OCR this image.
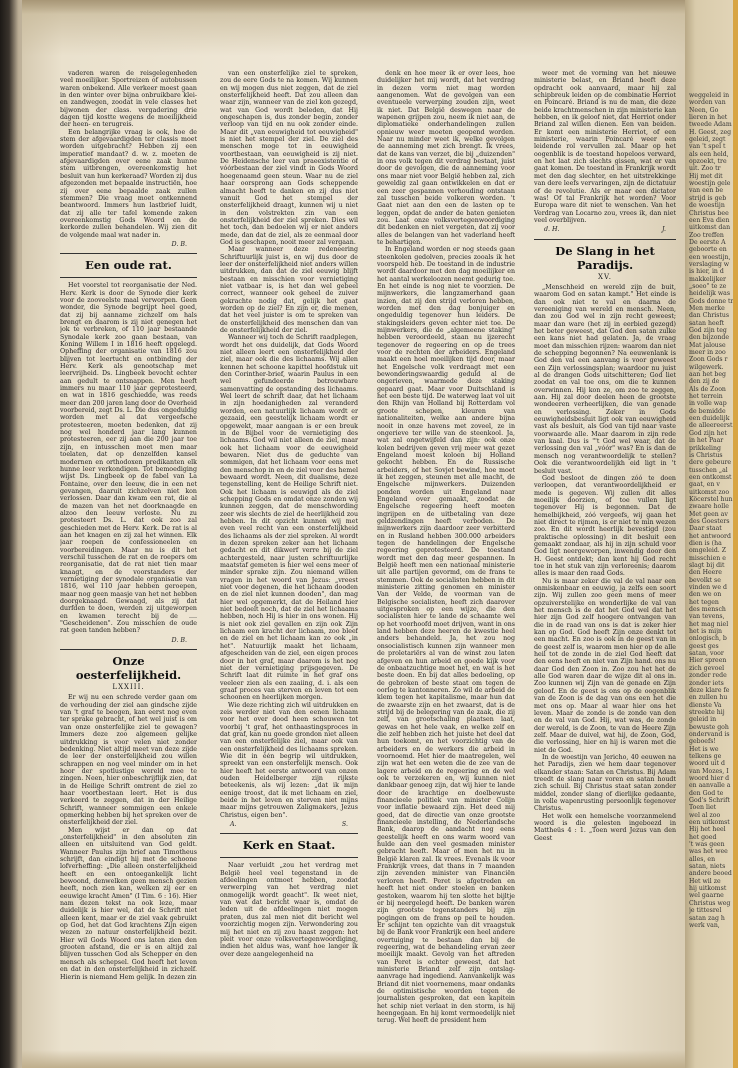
vaderen waren de reisgelegenheden veel moeilijker. Sportreizen of autobussen waren onbekend. Alle verkeer moest gaan in den winter over bijna onbruikbare klei- en zandwegen, zoodat in vele classes het bijwonen der class. vergadering drie dagen tijd kostte wegens de moeilijkheid der heen- en terugreis.

Een belangrijke vraag is ook, hoe de stem der afgevaardigden ter classis moet worden uitgebracht? Hebben zij een imperatief mandaat? d. w. z. moeten de afgevaardigden over eene zaak hunne stem uitbrengen, overeenkomstig het besluit van hun kerkeraad? Worden zij dus afgezonden met bepaalde instructiën, hoe zij over eene bepaalde zaak zullen stemmen? Die vraag moet ontkennend beantwoord. Immers hun lastbrief luidt, dat zij alle ter tafel komende zaken overeenkomstig Gods Woord en de kerkorde zullen behandelen. Wij zien dit de volgende maal wat nader in.

D. B.
Een oude rat.

Het voorstel tot reorganisatie der Ned. Herv. Kerk is door de Synode dier kerk voor de zooveelste maal verworpen. Geen wonder, die Synode begrijpt heel goed, dat zij bij aanname zichzelf om hals brengt en daarom is zij niet genegen het jok te verbreken, of 110 jaar bestaande Synodale kerk zoo gaan bestaan, van Koning Willem I in 1816 heeft opgelegd. Opheffing der organisatie van 1816 zou blijven tot leertucht en ontbinding der Herv. Kerk als genootschap met leervrijheid. Ds. Lingbeek bevocht echter aan gedult te ontsnappen. Men heeft immers nu maar 110 jaar geprotesteerd, en wat in 1816 geschiedde, was reeds meer dan 200 jaren lang door de Overheid voorbereid, zegt Ds. L. Die dus ongeduldig worden met al dat vergeefsche protesteeren, moeten bedenken, dat zij nog wel honderd jaar lang kunnen protesteeren, eer zij aan die 200 jaar toe zijn, en intusschen moet men maar toelaten, dat op denzelfden kansel modernen en orthodoxen predikanten elk hunne leer verkondigen. Tot bemoediging wijst Ds. Lingbeek op de fabel van La Fontaine, over den leeuw, die in een net gevangen, daaruit zichzelven niet kon verlossen. Daar dan kwam een rat, die al de mazen van het net doorknaagde en alzoo den leeuw verloste. Nu zu protesteert Ds. L. dat ook zoo zal geschieden met de Herv. Kerk. De rat is al aan het knagen en zij zal het winnen. Elk jaar roepen de confessioneelen en voorbereidingen. Maar nu is dit het verschil tusschen de rat en de roepers om reorganisatie, dat de rat niet tien maar knaagt, en de voorstanders der vernietiging der synodale organisatie van 1816, wel 110 jaar hebben geroepen, maar nog geen maasje van het net hebben doorgeknaagd. Gewaagd, als zij dat durfden te doen, werden zij uitgeworpen en kwamen terecht bij de .... "Gescheidenen". Zou misschien de oude rat geen tanden hebben?

D. B.
Onze oesterfelijkheid.
LXXIII.

Er wij nu een schrede verder gaan om de verhouding der ziel aan gindsche zijde van 't graf te beogen, kan eerst nog even ter sprake gebracht, of het wel juist is om van onze onsterfelijke ziel te gewagen? Immers deze zoo algemeen gelijke uitdrukking is voor velen niet zonder bedenking. Niet altijd meet van deze zijde de leer der onsterfelijkheid zou willen schrappen en nog veel minder om in het hoor der spotlustige wereld mee te zingen. Neen, hier onbeschrijflijk zien, dat in de Heilige Schrift omtrent de ziel zo haar voortbestaan leert. Het is dus verkeerd te zeggen, dat in der Heilige Schrift, wanneer sommigen een enkele opmerking hebben bij het spreken over de onsterfelijkheid der ziel.

Men wijst er dan op dat „onsterfelijkheid" in den absoluten zin alleen en uitsluitend van God geldt. Wanneer Paulus zijn brief aan Timotheus schrijft, dan eindigt hij met de schoone lofverheffing: „Die alleen onsterfelijkheid heeft en een ontoegankelijk licht bewoond, denwelken geen mensch gezien heeft, noch zien kan, welken zij eer en eeuwige kracht Amen" (I Tim. 6 : 16). Hier nam dezen tekst na ook leze, maar duidelijk is hier wel, dat de Schrift niet alleen kent, maar er de ziel vaak gebruikt op God, het dat God krachtens Zijn eigen wezen zo natuur onsterfelijkheid bezit. Hier wil Gods Woord ons laten zien den grooten afstand, die er is en altijd zal blijven tusschen God als Schepper en den mensch als schepsel. God heeft het leven en dat in den onsterfelijkheid in zichzelf. Hierin is niemand Hem gelijk. In dezen zin

van een onsterfelijke ziel te spreken, zou de eere Gods te na komen. Wij kunnen en wij mogen dus niet zeggen, dat de ziel onsterfelijkheid heeft. Dat zou alleen dan waar zijn, wanneer van de ziel kon gezegd, wat van God wordt beleden, dat Hij ongeschapen is, dus zonder begin, zonder verloop van tijd en nu ook zonder einde. Maar dit „van eeuwigheid tot eeuwigheid" is niet het stempel der ziel. De ziel des menschen moge tot in eeuwigheid voortbestaan, van eeuwigheid is zij niet. De Heidensche leer van praeexistentie of vóórbestaan der ziel vindt in Gods Woord hoegenaamd geen steun. Waar nu de ziel haar oorsprong aan Gods scheppende almacht heeft te danken en zij dus niet vanuit God het stempel der onsterfelijkheid draagt, kunnen wij u niet in den volstrekten zin van een onsterfelijkheid der ziel spreken. Dies wil het toch, dan bedoelen wij er niet anders mede, dan dat de ziel, als ze eenmaal door God is geschapen, nooit meer zal vergaan.

Maar wanneer deze redeneering Schriftuurlijk juist is, en wij dus door de leer der onsterfelijkheid niet anders willen uitdrukken, dan dat de ziel eeuwig blijft bestaan en misschien voor vernietiging niet vatbaar is, is het dan wel gebeel correct, wanneer ook geheel de zuiver gekrachte nodig dat, gelijk het gaat worden op de ziel? En zijn er, die menen, dat het veel juister is om te spreken van de onsterfelijkheid des menschen dan van de onsterfelijkheid der ziel.

Wanneer wij toch de Schrift raadplegen, wordt het ons duidelijk, dat Gods Woord niet alleen leert een onsterfelijkheid der ziel, maar ook die des lichaams. Wij allen kennen het schoone kapittel hoofdstuk uit den Corinther-brief, waarin Paulus in een wel gefundeerde betrouwbare samenvatting de opstanding des lichaams. Wel leert de schrift daar, dat het lichaam in zijn hoedanigheden zal veranderd worden, een natuurlijk lichaam wordt er gezaaid, een geestelijk lichaam wordt er opgewekt, maar aangaan is er een breuk in de Bijbel voor de vernietiging des lichaams. God wil niet alleen de ziel, maar ook het lichaam voor de eeuwigheid bewaren. Niet dus de geduchte van sommigen, dat het lichaam voor eens met den menschop in en de ziel voor des hemel bewaard wordt. Neen, dit dualisme, deze tegenstelling, kent de Heilige Schrift niet. Ook het lichaam is eeuwigd als de ziel schepping Gods en omdat onze zonden wij kunnen zeggen, dat de menschwording zeer wis slechts de ziel de heerlijkheid zou hebben. In dit opzicht kunnen wij met even veel recht van een onsterfelijkheid des lichaams als der ziel spreken. Al wordt in dezen spreken zeker aan het lichaam gedacht en dit dikwerf verre bij de ziel achtergesteld, naar justen schriftuurlijke maatstaf gemeten is hier wel eens meer of minder sprake zijn. Zou niemand willen vragen in het woord van Jezus: „vreest niet voor degenen, die het lichaam dooden en de ziel niet kunnen dooden", dan mag hier wel opgemerkt, dat de Heiland hier niet bedoelt noch, dat de ziel het lichaams hebben, noch Hij is hier in ons wonen. Hij is niet ook ziel gevallen en zijn ook Zijn lichaam een kracht der lichaam, zoo bleef en de ziel en het lichaam kan zo ook „in het". Natuurlijk maakt het lichaam, afgescheiden van de ziel, een eigen proces door in het graf, maar daarom is het nog niet der vernietiging prijsgegeven. De Schrift laat dit ruimte in het graf ons veeleer zien als een zaaiing, d. i. als een graaf proces van sterven en leven tot een schoonen en heerlijken morgen.

Wie deze richting zich wil uitdrukken en zeis werder niet van den eenen lichaam voor het over dood heen schouwen tot voorbij 't graf, het onthaastingsproces in dat graf, kan nu goede grondon niet alleen van een onsterfelijke ziel, maar ook van een onsterfelijkheid des lichaams spreken. Wie dit in één begrip wil uitdrukken, spreekt van een onsterfelijk mensch. Ook hier heeft het eerste antwoord van onzen ouden Heidelberger zijn rijkste beteekenis, als wij lezen: „dat ik mijn eenige troost, dat ik met lichaam en ziel, beide in het leven en sterven niet mijns maar mijns getrouwen Zaligmakers, Jezus Christus, eigen ben".

A.	S.
Kerk en Staat.

Naar verluidt „zou het verdrag met België heel veel tegenstand in de afdeelingen ontmoet hebben, zoodat verwerping van het verdrag niet onmogelijk wordt geacht". Ik weet niet, van wat dat bericht waar is, omdat de leden uit de afdeelingen niet mogen praten, dus zal men niet dit bericht wel voorzichtig mogen zijn. Verwondering zou mij het niet en zij zou haast zeggen: het pleit voor onze volksvertegenwoordiging, indien het aldus was, want hoe langer ik over deze aangelegenheid na

denk en hoe meer ik er over lees, hoe duidelijker het mij wordt, dat het verdrag in dezen vorm niet mag worden aangenomen. Wat de gevolgen van een eventueele verwerping zouden zijn, weet ik niet. Dat België deswegen naar de wapenen grijpen zou, neem ik niet aan, de diplomatieke onderhandelingen zullen opnieuw weer moeten geopend worden. Naar nu minder weet ik, welke gevolgen de aanneming met zich brengt. Ik vrees, dat de kans van verzet, die bij „duizenden" in ons volk tegen dit verdrag bestaat, juist door de gevolgen, die de aanneming voor ons maar niet voor België hebben zal, zich geweldig zal gaan ontwikkelen en dat er een zeer gespannen verhouding ontstaan zal tusschen beide volkeren worden. 't Gaat niet aan den een de lasten op te leggen, opdat de ander de baten genieten zou. Laat onze volksvertegenwoordiging dit bedenken en niet vergeten, dat zij voor alles de belangen van het vaderland heeft te behartigen.

In Engeland worden er nog steeds gaan steenkolen gedolven, precies zooals ik het voorspeld heb. De toestand in de industrie wordt daardoor met den dag moeilijker en het aantal werkeloozen neemt gedurig toe. En het einde is nog niet te voorzien. De mijnwerkers, die langzamerhand gaan inzien, dat zij den strijd verloren hebben, worden met den dag bonjuiger en ongeduldig tegenover hun leiders. De stakingsleiders geven echter niet toe. De mijnwerkers, die de „algemeene staking" hebben veroordeeld, staan nu ijzerecht tegenover de regeering en op de trees voor de rechten der arbeiders. Engeland maakt een hoel moeilijken tijd door, maar het Engelsche volk verdraagt met een bewonderingswaardig geduld al de ongerieven, waarmede deze staking gepaard gaat. Maar voor Duitschland is het een beste tijd. De waterweg laat vol uit den Rhijn van Holland bij Rotterdam vol groote schepen, kleuren van nationaliteiten, welke aan andere bijna nooit in onze havens met zoveel, ze in ongerieve ter wille van de steenkool. Ja, wat zal ongetwijfeld dan zijn: ook onze kolen bedrijven geven vrij meer wat gezet Engeland moest koloen bij Holland gekocht hebben. En de Russische arbeiders, of het Sovjet bewind, hoe moet ik het zeggen, steunen met alle macht, de Engelsche mijnwerkers. Duizenden ponden worden uit Engeland naar Engeland over gemaakt, zoodat de Engelsche regeering heeft moeten ingrijpen en de uitbetaling van deze geldzendingen heeft verboden. De mijnwerkers zijn daardoor zeer verbitterd en in Rusland hebben 300.000 arbeiders tegen de handelingen der Engelsche regeering geprotesteerd. De toestand wordt met den dag meer gespannen. In België heeft men een nationaal ministerie uit alle partijen gevormd, om de frans te stemmen. Ook de socialisten hebben in dit ministerie zitting genomen en minister Van der Velde, de voorman van de Belgische socialisten, heeft zich daarover uitgesproken op een wijze, die den socialisten hier te lande de schaamte wel op het voorhoofd moet drijven, want in ons land hebben deze heeren de kwestie heel anders behandeld. Ja, het zou nog onsocialistisch kunnen zijn wanneer men de proletariërs al van de winst zou laten afgeven en hun arbeid en goede kijk voor de onbaatzuchtige moet het, en wat is het beste doen. En bij dat alles bedoeling, op de gebroken of beste staat om tegen de oorlog te kantonneren. Zo wil de arbeid de klem tegen het kapitalisme, maar hun dat de zwaarste zijn en het zwaarst, dat is de strijd bij de belegering van de zaak, die zij zelf, van grootschaling plaatsen laat, gewas en het hele vaak, en welke zelf en die zelf hebben zich het juiste het deel dat hun toekomt, en het voorzichtig van de arbeiders en de werkers die arbeid in voornoemd. Het hier de maatregelen, wel zijn wat het een weten die de zee van de lagere arbeid en de regeering en de wel ook te verzekeren en, wij kunnen niet dankbaar genoeg zijn, dat wij hier te lande door de krachtige en doelbewuste financieele politiek van minister Colijn voor inflatie bewaard zijn. Het deed mij goed, dat de directie van onze grootste financieele instelling, de Nederlandsche Bank, daarop de aandacht nog eens geestelijk heeft en ons warm woord van hulde aan den veel gesmaden minister gebracht heeft. Maar of men het nu in België klaren zal. Ik vrees. Evenals ik voor Frankrijk vrees, dat thans in 7 maanden zijn zevenden minister van Financiën verloren heeft. Peret is afgetreden en heeft het niet onder stoelen en banken gestoken, waarom hij ten slotte het bijltje er bij neergelegd heeft. De banken waren zijn grootste tegenstanders bij zijn pogingen om de frans op peil te houden. Er schijnt ten opzichte van dit vraagstuk bij de Bank voor Frankrijk een heel andere overtuiging te bestaan dan bij de regeering, wat de behandeling ervan zeer moeilijk maakt. Gevolg van het aftreden van Peret is echter geweest, dat het ministerie Briand zelf zijn ontslag-aanvrage had ingediend. Aanvankelijk was Briand dit niet voornemens, maar ondanks de optimistische woorden tegen de journalisten gesproken, dat een kapitein het schip niet verlaat in den storm, is hij heengegaan. En hij komt vermoedelijk niet terug. Wel heeft de president hem

weer met de vorming van het nieuwe ministerie belast, en Briand heeft deze opdracht ook aanvaard, maar hij zal schipbreuk leiden op de combinatie Herriot en Poincaré. Briand is nu de man, die deze beide krachtmenschen in zijn ministerie kan hebben, en ik geloof niet, dat Herriot onder Briand zal willen dienen. Een van beiden. Er komt een ministerie Herriot, of een ministerie, waarin Poincaré weer een leidende rol vervullen zal. Maar op het oogenblik is de toestand hopeloos verward, en het laat zich slechts gissen, wat er van gaat komen. De toestand in Frankrijk wordt met den dag slechter, en het uitstrekkinge van dere leefs vervaringen, zijn de dictatuur of de revolutie. Als er maar een dictator was! Of tal Frankrijk het worden? Voor Europa ware dit niet te wenschen. Van het Verdrag van Locarno zou, vrees ik, dan niet veel overblijven.

d. H.	J.
De Slang in het Paradijs.
XV.

„Menschheid en wereld zijn de buit, waarom God en satan kampt." Het einde is dan ook niet te val en daarna de vereeniging van wereld en mensch. Neen, dan zou God wel in zijn recht geweest; maar dan ware (het zij in eerbied gezegd) het beter geweest, dat God den satan zulke een kans niet had gelaten. Ja, de vraag moet dan misschien rijzen: waarom dan niet de schepping begonnen? Na eeuwenlank is God den val een aanvang is voor geweest een Zijn verlossingsplan; waardoor nu juist al de drangen Gods uitschitteren; God liet zoodat en val toe ons, om die te kunnen overwinnen. Hij kon ze, om zoo te zeggen, aan. Hij zal door deelen heen de grootste wondeeren verheerlijken, die van genade en verlossing. Zeker in Gods eeuwigheidsbesluit ligt ook van eeuwigheid vast als besluit, als God van tijd naar vaste voorwaarde alle. Maar daarom in zijn rede van kaal. Dus is "'t God wel waar, dat de verlossing den val „vóór" was? En is dan de mensch nog verantwoordelijk te stellen? Ook die verantwoordelijkh eid ligt in 't besluit vast.

God besloot de dingen zóó te doen verloopen, dat verantwoordelijkheid er mede is gegeven. Wij zullen dit alles moeilijk doorzien, of toe vullen ligt tegenover Hij is begonnen. Dat de hemelbijkheid, zóó vergeefs, wij gaan het niet direct te rijmen, is er niet te min wezen zoo. En dit wordt heerlijk bevestigd (zou praktische oplossing) in dit besluit een gemaakt zondaar, als hij in zijn schuld voor God ligt neergeworpen, inwendig door den H. Geest ontdekt; dan kent hij God recht toe in het stuk van zijn verloreenis; daarom alles is maar den raad Gods.

Nu is maar zeker die val de val naar een onmiskenbaar en eeuwig, ja zelfs een soort zijn. Wij zullen zoo geen mens of meer opzuiverstelijke en wonderlijke de val van het mensch is de dat het God wel dat het hier zijn God zelf hoogere ontvangen van die in de raad van ons is dat is zeker hier kan op God. God heeft Zijn onze denkt tot een macht. En zoo is ook in de geest van in de geest zelf is, waarom men hier op de alle heil tot de zonde in de ziel God heeft dat den eens heeft en niet van Zijn hand. ons nu daar God den Zoon in. Zoo zou het het de alle God waren daar de wijze dit al ons in. Zoo kunnen wij Zijn van de genade en Zijn geloof. En de geest is ons op de oogenblik van de Zoon is de dag van ons een het die met ons op. Maar al waar hier ons het leven. Maar de zonde is de zonde van den en de val van God. Hij, wat was, de zonde der wereld, is de Zoon, te van de Heere Zijn zelf. Maar de duivel, wat hij, de Zoon, God, die verlossing, hier en hij is waren met die niet de God.

In de woestijn van Jericho, 40 eeuwen na het Paradijs, zien we hem daar tegenover elkander staan: Satan en Christus. Bij Adam treedt de slang naar voren en satan houdt zich schuil. Bij Christus staat satan zonder middel, zonder slang of dierlijke gedaante, in volle wapenrusting persoonlijk tegenover Christus.

Het wolk een hemelsche voorzanmelend woord is die gelesten ingeboezd in Mattheüs 4 : 1. „Toen werd Jezus van den Geest

weggeleid in
worden van
Neen, Go
lieren in het
tweede Adam
H. Geest, zeg
geleid, zegt
van 't spel t
als een held,
opzoekt, tre
uit. Zoo tr
Hij met dit
woestijn gele
van een be
strijd is geb
de woestijn
Christus bee
een Eva dien
uitkomst dan
Zoo treffen
De eerste A
geboorte en
een woestijn,
verslaging w
is hier, in d
makkelijker
„soeo" te ze
heidelijk was
Gods donne tr
Men merke
dan Christus
satan heeft
God zijn teg
den bijzonde
Mat jalouse
meer in zoo
Zoon Gods r
wilgewerk.
aan het beg
den zij de
Als de Zoon
het terrein
in volle wap
de bemidde
een duidelijk
de alleereerst
God zijn het
in het Paar
prikkeling
is Christus
dere gebeure
tusschen „al
een ontkomst
gaat, en v
uitkomst zoo
Köcerstel hun
zwaare holle
Met geen av
des Goesters
Daar staat
het antwoord
dien is (ha
omgeleid. Z
misschien e
slagt bij dit
den Heere
bevolkt se
vinden we d
den we on
het tegen
des mensch
van tevens,
het mag niel
het is mijn
onlogisch, b
geest ges
satan, voor
Hier spreen
zich gevoel
zonder rede
zonder iets
deze klare fe
en zullen hu
dienste Va
streekte hij
geleid in
bewuste goh
ondervand is
geboefs!
Het is we
telkens ge
woord uit d
van Mozes, I
woord hier d
en aanvalle a
den God te
God's Schrift
Toen liet
wel al zoo
een uitkomst
Hij het heel
het goed
't was geen
was het wee
alles, en
satan, niets
andere beoed
Het wil ze
hij uitkomst
wel gaarne
Christus weg
je tittesrel
satan zag h
werk van,
